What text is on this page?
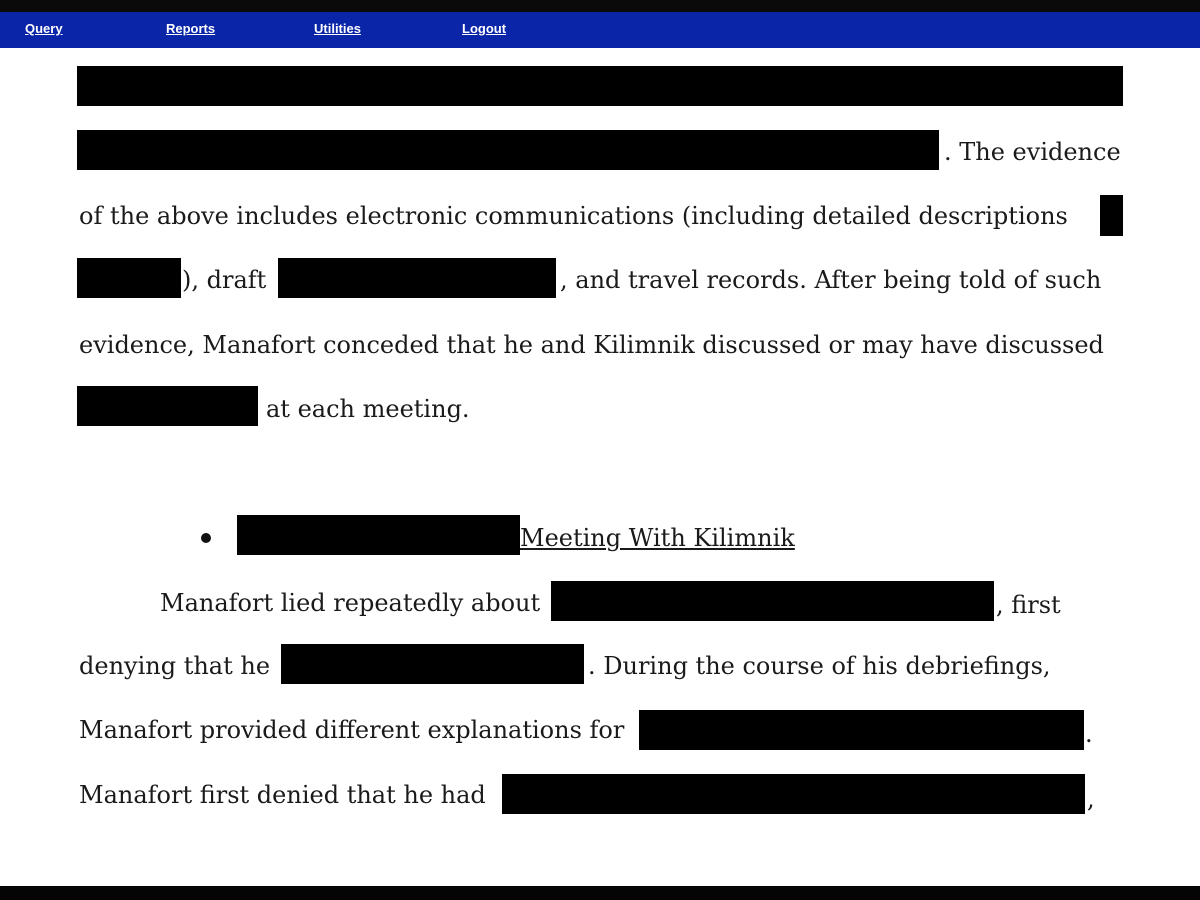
Query	Reports	Utilities	Logout
. The evidence
of the above includes electronic communications (including detailed descriptions
), draft	, and travel records. After being told of such
evidence, Manafort conceded that he and Kilimnik discussed or may have discussed
at each meeting.
Meeting With Kilimnik
Manafort lied repeatedly about	, first
denying that he	. During the course of his debriefings,
Manafort provided different explanations for	.
Manafort first denied that he had	,
